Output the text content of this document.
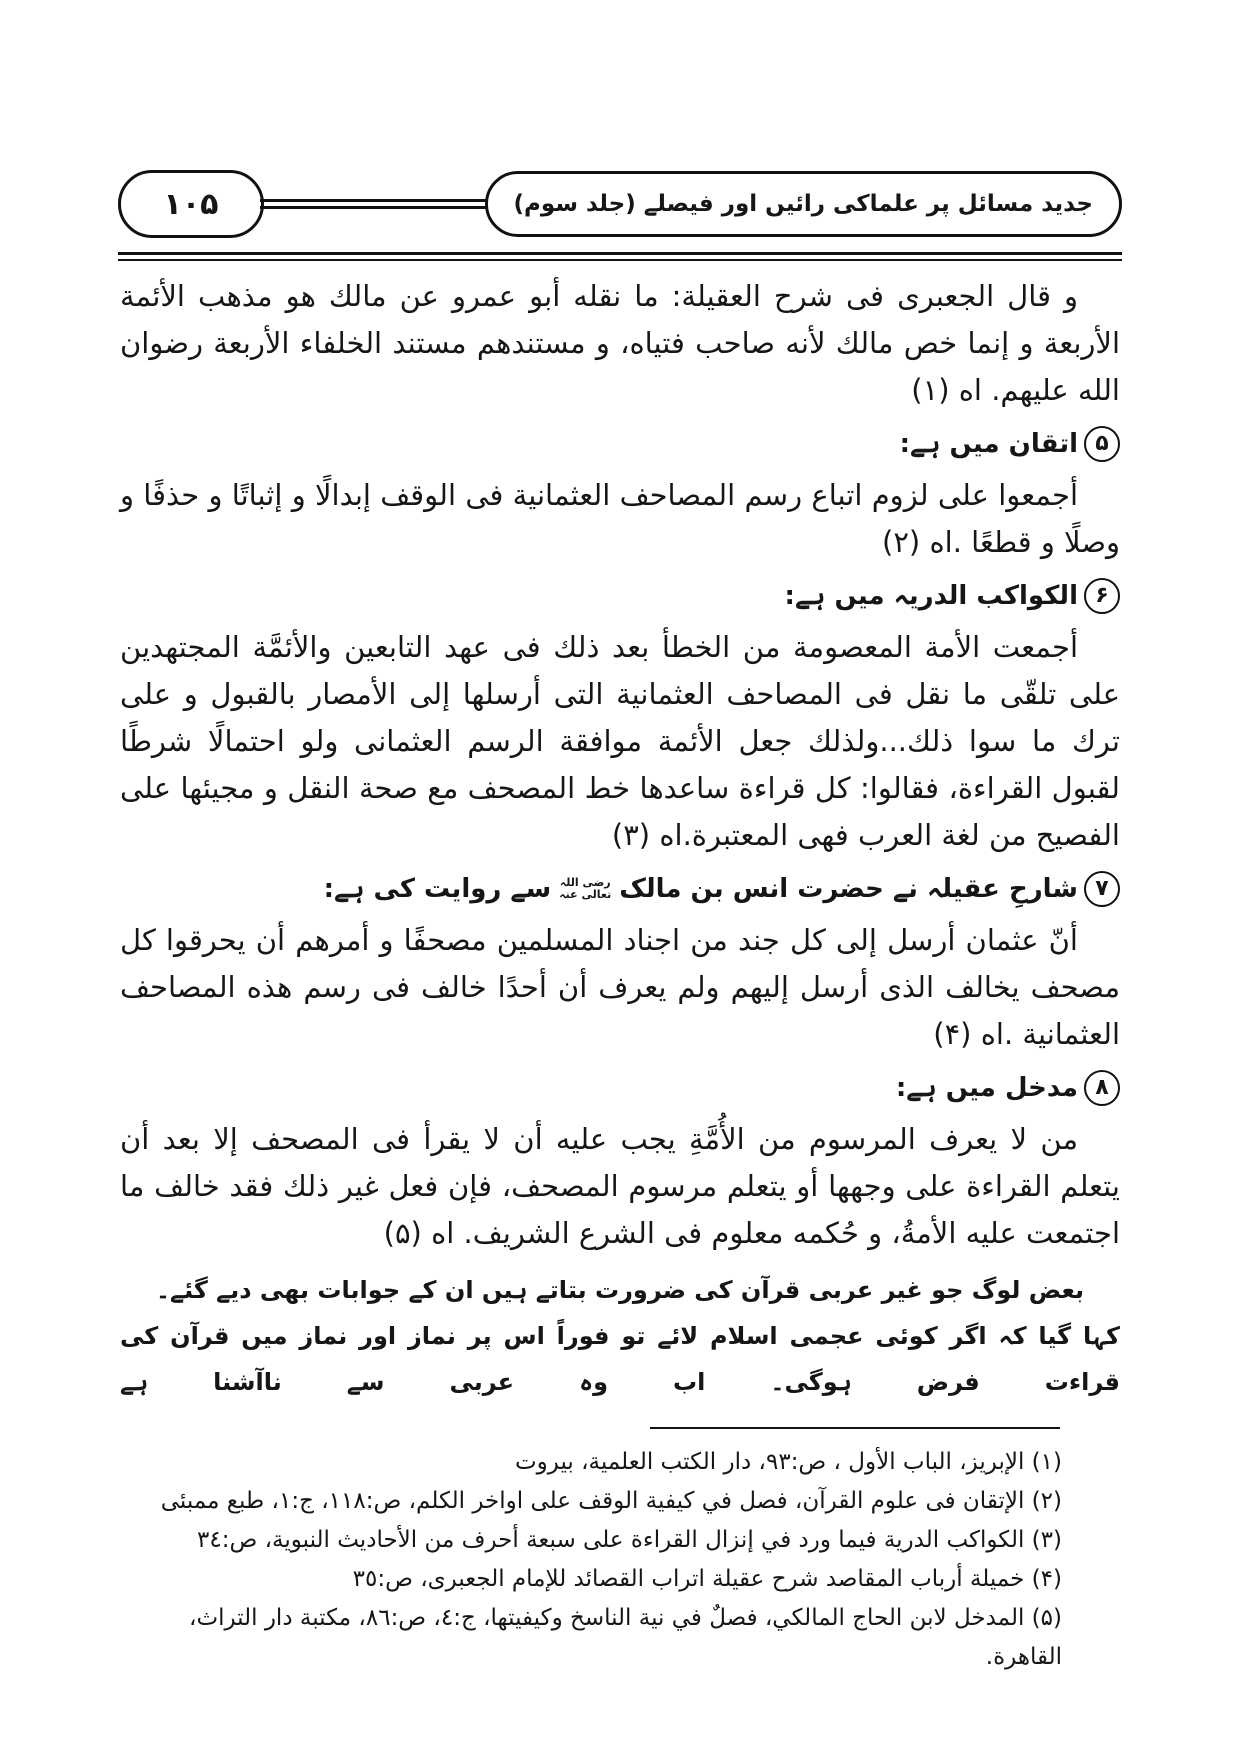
۱۰۵	جدید مسائل پر علماکی رائیں اور فیصلے (جلد سوم)

و قال الجعبرى فى شرح العقيلة: ما نقله أبو عمرو عن مالك هو مذهب الأئمة الأربعة و إنما خص مالك لأنه صاحب فتياه، و مستندهم مستند الخلفاء الأربعة رضوان الله عليهم. اه (١)

۵
اتقان میں ہے:

أجمعوا على لزوم اتباع رسم المصاحف العثمانية فى الوقف إبدالًا و إثباتًا و حذفًا و وصلًا و قطعًا .اه (٢)

۶
الکواکب الدریہ میں ہے:

أجمعت الأمة المعصومة من الخطأ بعد ذلك فى عهد التابعين والأئمَّة المجتهدين على تلقّى ما نقل فى المصاحف العثمانية التى أرسلها إلى الأمصار بالقبول و على ترك ما سوا ذلك...ولذلك جعل الأئمة موافقة الرسم العثمانى ولو احتمالًا شرطًا لقبول القراءة، فقالوا: كل قراءة ساعدها خط المصحف مع صحة النقل و مجيئها على الفصيح من لغة العرب فهى المعتبرة.اه (٣)

۷
شارحِ عقیلہ نے حضرت انس بن مالک
رضی اللہ تعالی عنہ
سے روایت کی ہے:

أنّ عثمان أرسل إلى كل جند من اجناد المسلمين مصحفًا و أمرهم أن يحرقوا كل مصحف يخالف الذى أرسل إليهم ولم يعرف أن أحدًا خالف فى رسم هذه المصاحف العثمانية .اه (۴)

۸
مدخل میں ہے:

من لا يعرف المرسوم من الأُمَّةِ يجب عليه أن لا يقرأ فى المصحف إلا بعد أن يتعلم القراءة على وجهها أو يتعلم مرسوم المصحف، فإن فعل غير ذلك فقد خالف ما اجتمعت عليه الأمةُ، و حُكمه معلوم فى الشرع الشريف. اه (۵)

بعض لوگ جو غیر عربی قرآن کی ضرورت بتاتے ہیں ان کے جوابات بھی دیے گئے۔

کہا گیا کہ اگر کوئی عجمی اسلام لائے تو فوراً اس پر نماز اور نماز میں قرآن کی قراءت فرض ہوگی۔ اب وہ عربی سے ناآشنا ہے

(١) الإبريز، الباب الأول ، ص:٩٣، دار الكتب العلمية، بيروت
(٢) الإتقان فى علوم القرآن، فصل في كيفية الوقف على اواخر الكلم، ص:١١٨، ج:١، طبع ممبئى
(٣) الكواكب الدرية فيما ورد في إنزال القراءة على سبعة أحرف من الأحاديث النبوية، ص:٣٤
(۴) خميلة أرباب المقاصد شرح عقيلة اتراب القصائد للإمام الجعبرى، ص:٣٥
(۵) المدخل لابن الحاج المالكي، فصلٌ في نية الناسخ وكيفيتها، ج:٤، ص:٨٦، مكتبة دار التراث، القاهرة.
